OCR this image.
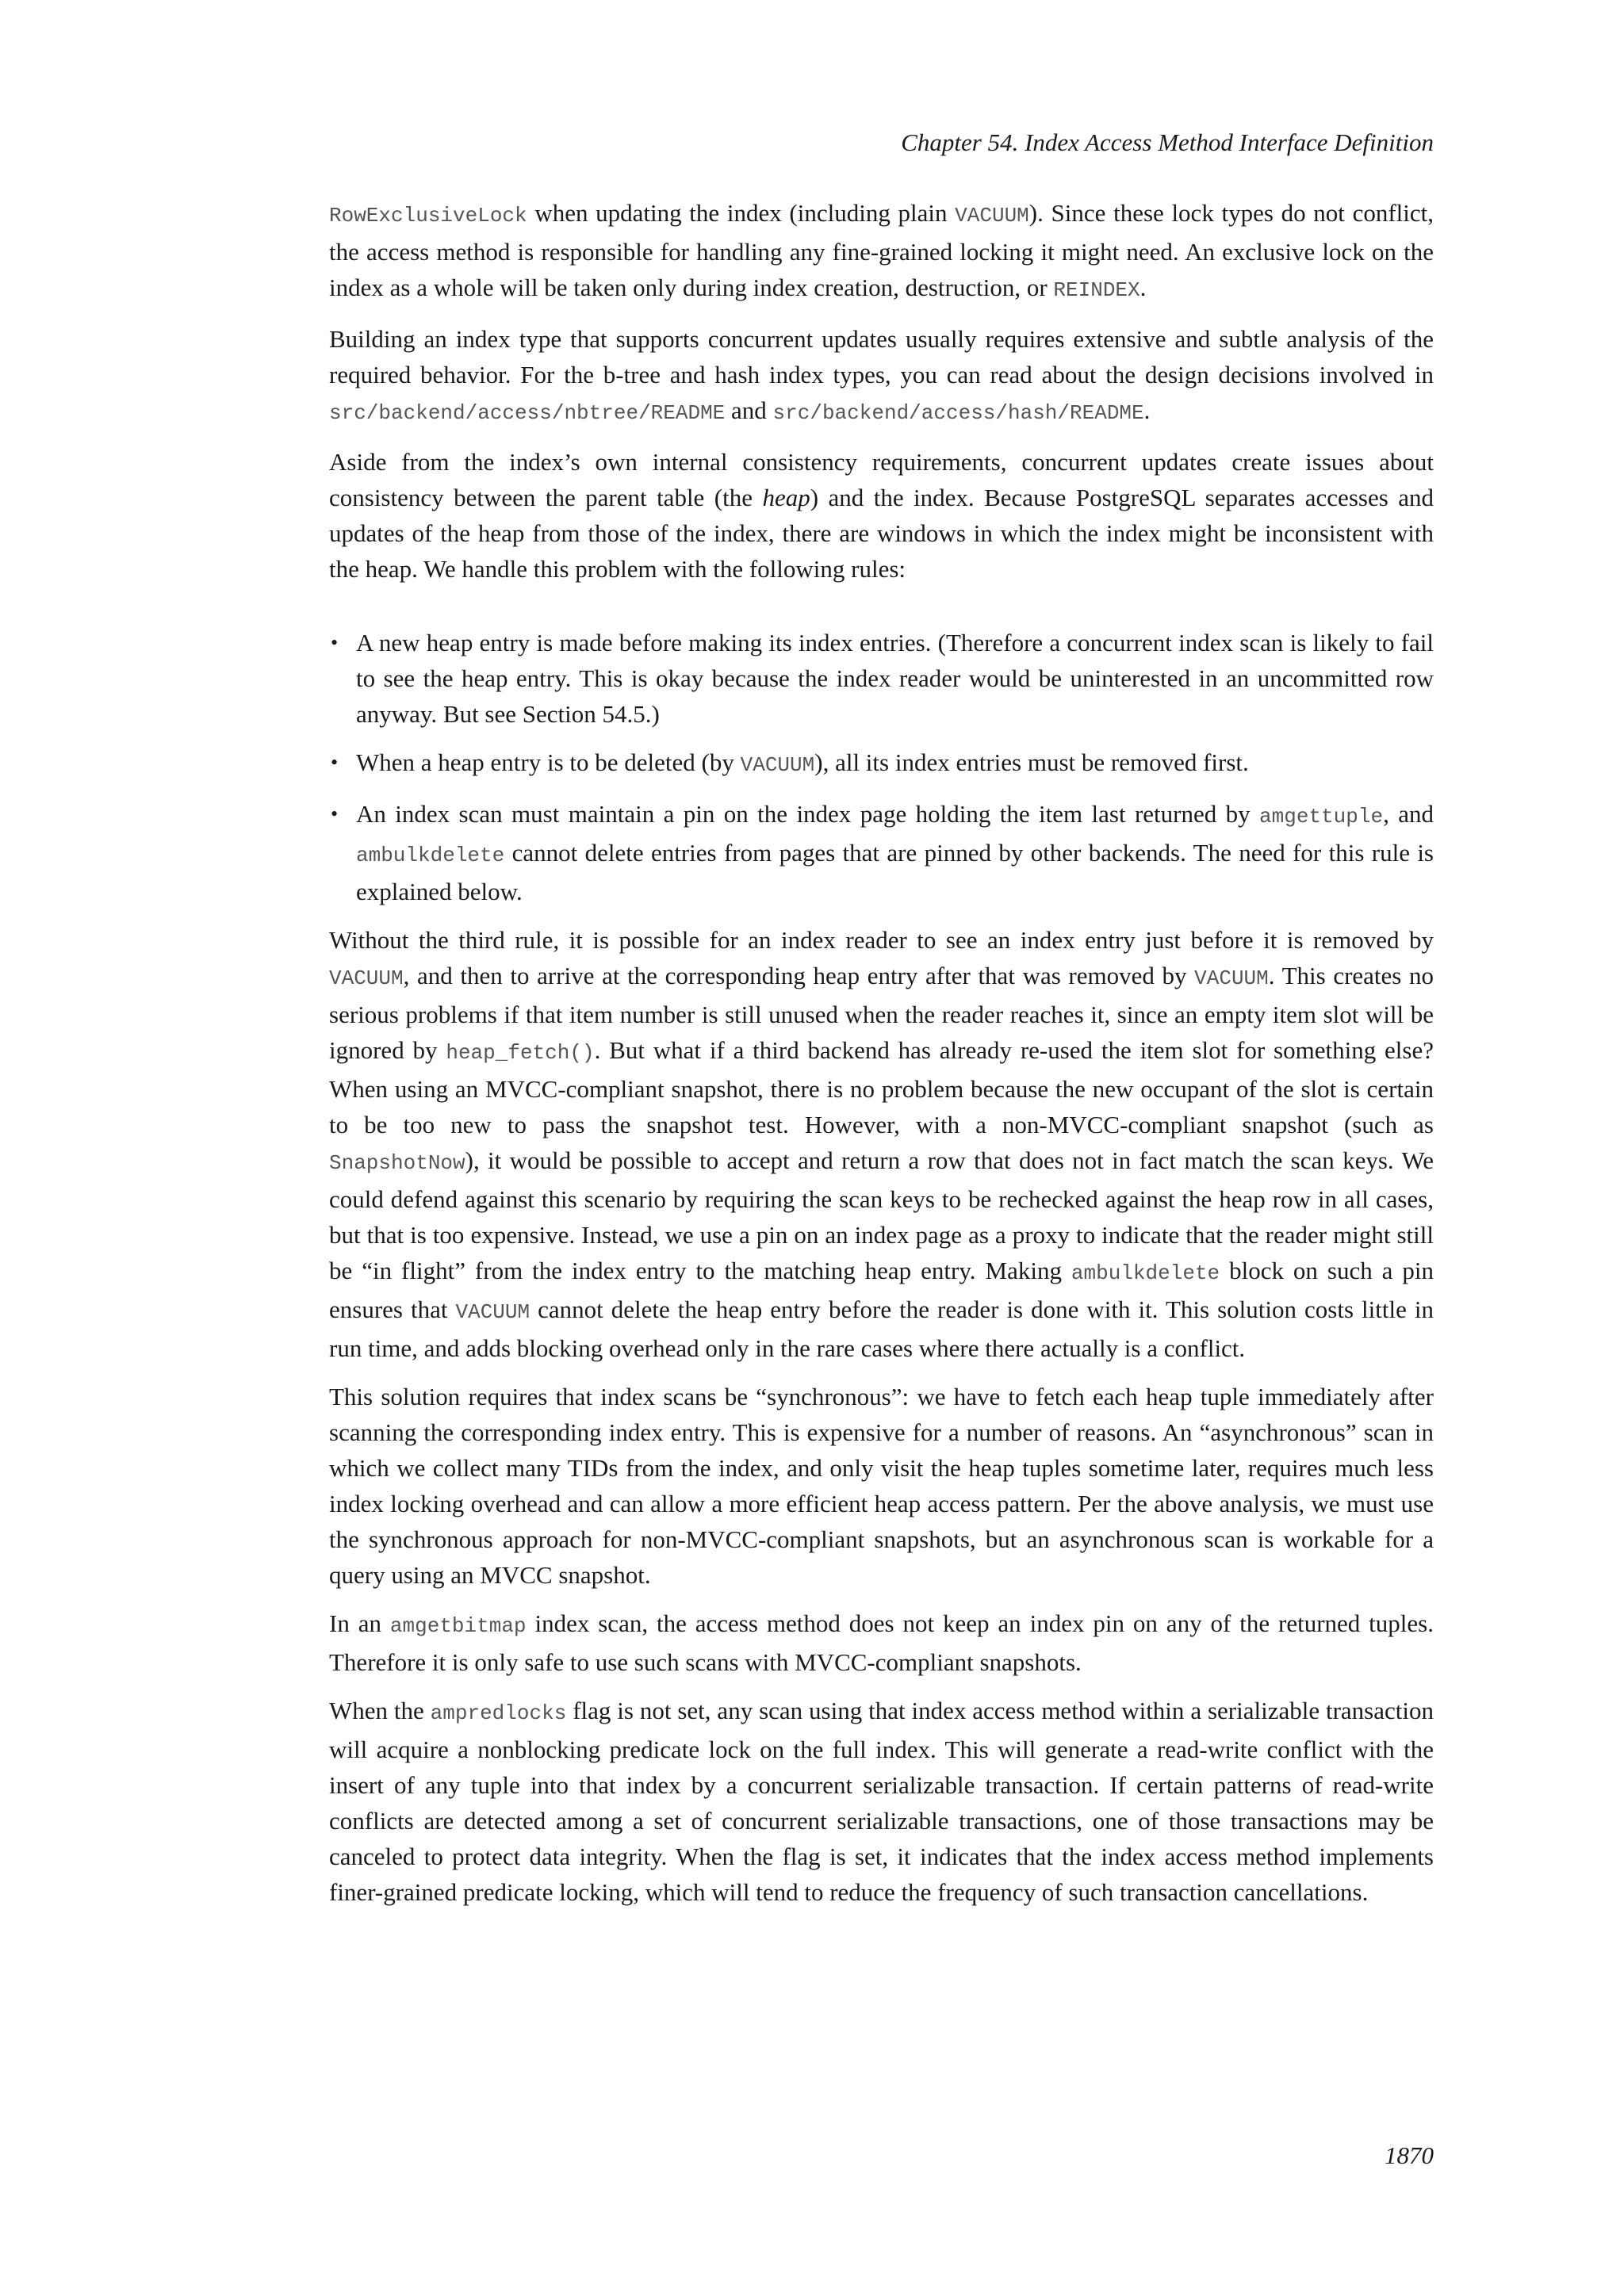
Chapter 54. Index Access Method Interface Definition

RowExclusiveLock when updating the index (including plain VACUUM). Since these lock types do not conflict, the access method is responsible for handling any fine-grained locking it might need. An exclusive lock on the index as a whole will be taken only during index creation, destruction, or REINDEX.

Building an index type that supports concurrent updates usually requires extensive and subtle analysis of the required behavior. For the b-tree and hash index types, you can read about the design decisions involved in src/backend/access/nbtree/README and src/backend/access/hash/README.

Aside from the index’s own internal consistency requirements, concurrent updates create issues about consistency between the parent table (the heap) and the index. Because PostgreSQL separates accesses and updates of the heap from those of the index, there are windows in which the index might be inconsistent with the heap. We handle this problem with the following rules:

• A new heap entry is made before making its index entries. (Therefore a concurrent index scan is likely to fail to see the heap entry. This is okay because the index reader would be uninterested in an uncommitted row anyway. But see Section 54.5.)
• When a heap entry is to be deleted (by VACUUM), all its index entries must be removed first.
• An index scan must maintain a pin on the index page holding the item last returned by amgettuple, and ambulkdelete cannot delete entries from pages that are pinned by other backends. The need for this rule is explained below.

Without the third rule, it is possible for an index reader to see an index entry just before it is removed by VACUUM, and then to arrive at the corresponding heap entry after that was removed by VACUUM. This creates no serious problems if that item number is still unused when the reader reaches it, since an empty item slot will be ignored by heap_fetch(). But what if a third backend has already re-used the item slot for something else? When using an MVCC-compliant snapshot, there is no problem because the new occupant of the slot is certain to be too new to pass the snapshot test. However, with a non-MVCC-compliant snapshot (such as SnapshotNow), it would be possible to accept and return a row that does not in fact match the scan keys. We could defend against this scenario by requiring the scan keys to be rechecked against the heap row in all cases, but that is too expensive. Instead, we use a pin on an index page as a proxy to indicate that the reader might still be “in flight” from the index entry to the matching heap entry. Making ambulkdelete block on such a pin ensures that VACUUM cannot delete the heap entry before the reader is done with it. This solution costs little in run time, and adds blocking overhead only in the rare cases where there actually is a conflict.

This solution requires that index scans be “synchronous”: we have to fetch each heap tuple immediately after scanning the corresponding index entry. This is expensive for a number of reasons. An “asynchronous” scan in which we collect many TIDs from the index, and only visit the heap tuples sometime later, requires much less index locking overhead and can allow a more efficient heap access pattern. Per the above analysis, we must use the synchronous approach for non-MVCC-compliant snapshots, but an asynchronous scan is workable for a query using an MVCC snapshot.

In an amgetbitmap index scan, the access method does not keep an index pin on any of the returned tuples. Therefore it is only safe to use such scans with MVCC-compliant snapshots.

When the ampredlocks flag is not set, any scan using that index access method within a serializable transaction will acquire a nonblocking predicate lock on the full index. This will generate a read-write conflict with the insert of any tuple into that index by a concurrent serializable transaction. If certain patterns of read-write conflicts are detected among a set of concurrent serializable transactions, one of those transactions may be canceled to protect data integrity. When the flag is set, it indicates that the index access method implements finer-grained predicate locking, which will tend to reduce the frequency of such transaction cancellations.

1870
